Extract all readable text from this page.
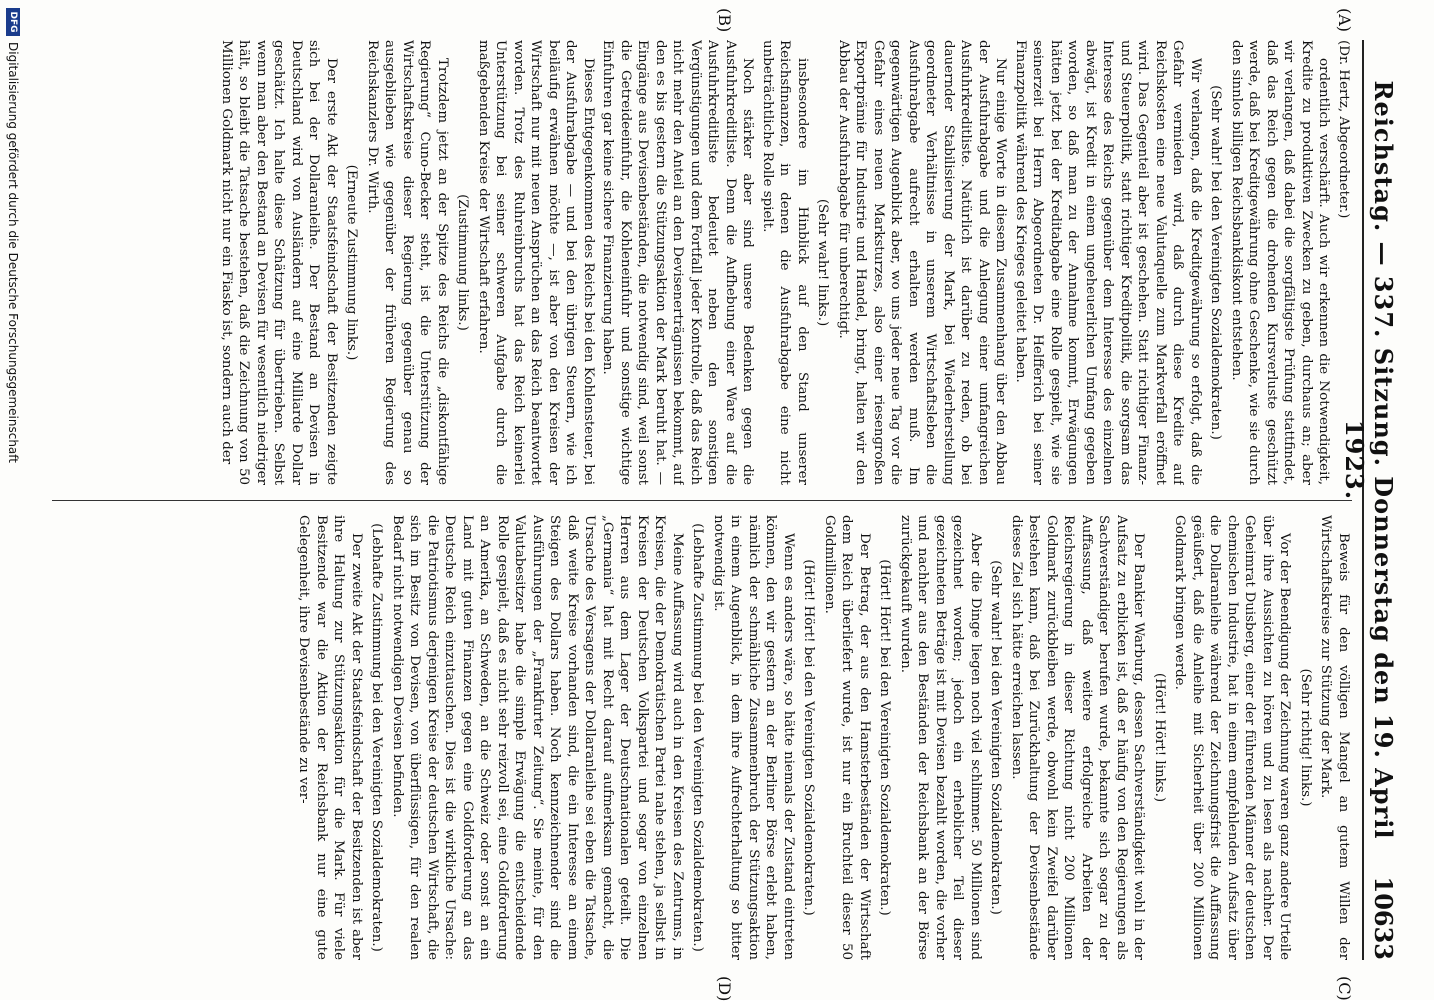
Reichstag. — 337. Sitzung. Donnerstag den 19. April 1923.
10633
(A)
(B)
(C)
(D)

(Dr. Hertz, Abgeordneter.)

ordentlich verschärft. Auch wir erkennen die Notwendigkeit, Kredite zu produktiven Zwecken zu geben, durchaus an; aber wir verlangen, daß dabei die sorgfältigste Prüfung stattfindet, daß das Reich gegen die drohenden Kursverluste geschützt werde, daß bei Kreditgewährung ohne Geschenke, wie sie durch den sinnlos billigen Reichsbankdiskont entstehen.

(Sehr wahr! bei den Vereinigten Sozialdemokraten.)

Wir verlangen, daß die Kreditgewährung so erfolgt, daß die Gefahr vermieden wird, daß durch diese Kredite auf Reichskosten eine neue Valutaquelle zum Markverfall eröffnet wird. Das Gegenteil aber ist geschehen. Statt richtiger Finanz- und Steuerpolitik, statt richtiger Kreditpolitik, die sorgsam das Interesse des Reichs gegenüber dem Interesse des einzelnen abwägt, ist Kredit in einem ungeheuerlichen Umfang gegeben worden, so daß man zu der Annahme kommt, Erwägungen hätten jetzt bei der Kreditabgabe eine Rolle gespielt, wie sie seinerzeit bei Herrn Abgeordneten Dr. Helfferich bei seiner Finanzpolitik während des Krieges geleitet haben.

Nur einige Worte in diesem Zusammenhang über den Abbau der Ausfuhrabgabe und die Anlegung einer umfangreichen Ausfuhrkreditliste. Natürlich ist darüber zu reden, ob bei dauernder Stabilisierung der Mark, bei Wiederherstellung geordneter Verhältnisse in unserem Wirtschaftsleben die Ausfuhrabgabe aufrecht erhalten werden muß. Im gegenwärtigen Augenblick aber, wo uns jeder neue Tag vor die Gefahr eines neuen Marksturzes, also einer riesengroßen Exportprämie für Industrie und Handel, bringt, halten wir den Abbau der Ausfuhrabgabe für unberechtigt.

(Sehr wahr! links.)

insbesondere im Hinblick auf den Stand unserer Reichsfinanzen, in denen die Ausfuhrabgabe eine nicht unbeträchtliche Rolle spielt.

Noch stärker aber sind unsere Bedenken gegen die Ausfuhrkreditliste. Denn die Aufhebung einer Ware auf die Ausfuhrkreditliste bedeutet neben den sonstigen Vergünstigungen und dem Fortfall jeder Kontrolle, daß das Reich nicht mehr den Anteil an den Devisenerträgnissen bekommt, auf den es bis gestern die Stützungsaktion der Mark beruht hat. — Eingänge aus Devisenbeständen, die notwendig sind, weil sonst die Getreideeinfuhr, die Kohleneinfuhr und sonstige wichtige Einfuhren gar keine sichere Finanzierung haben.

Dieses Entgegenkommen des Reichs bei den Kohlensteuer, bei der Ausfuhrabgabe — und bei den übrigen Steuern, wie ich beiläufig erwähnen möchte —, ist aber von den Kreisen der Wirtschaft nur mit neuen Ansprüchen an das Reich beantwortet worden. Trotz des Ruhreinbruchs hat das Reich keinerlei Unterstützung bei seiner schweren Aufgabe durch die maßgebenden Kreise der Wirtschaft erfahren.

(Zustimmung links.)

Trotzdem jetzt an der Spitze des Reichs die „diskontfähige Regierung“ Cuno-Becker steht, ist die Unterstützung der Wirtschaftskreise dieser Regierung gegenüber genau so ausgeblieben wie gegenüber der früheren Regierung des Reichskanzlers Dr. Wirth.

(Erneute Zustimmung links.)

Der erste Akt der Staatsfeindschaft der Besitzenden zeigte sich bei der Dollaranleihe. Der Bestand an Devisen in Deutschland wird von Ausländern auf eine Milliarde Dollar geschätzt. Ich halte diese Schätzung für übertrieben. Selbst wenn man aber den Bestand an Devisen für wesentlich niedriger hält, so bleibt die Tatsache bestehen, daß die Zeichnung von 50 Millionen Goldmark nicht nur ein Fiasko ist, sondern auch der

Beweis für den völligen Mangel an gutem Willen der Wirtschaftskreise zur Stützung der Mark.

(Sehr richtig! links.)

Vor der Beendigung der Zeichnung waren ganz andere Urteile über ihre Aussichten zu hören und zu lesen als nachher. Der Geheimrat Duisberg, einer der führenden Männer der deutschen chemischen Industrie, hat in einem empfehlenden Aufsatz über die Dollaranleihe während der Zeichnungsfrist die Auffassung geäußert, daß die Anleihe mit Sicherheit über 200 Millionen Goldmark bringen werde.

(Hört! Hört! links.)

Der Bankier Warburg, dessen Sachverständigkeit wohl in der Aufsatz zu erblicken ist, daß er häufig von den Regierungen als Sachverständiger berufen wurde, bekannte sich sogar zu der Auffassung, daß weitere erfolgreiche Arbeiten der Reichsregierung in dieser Richtung nicht 200 Millionen Goldmark zurückbleiben werde, obwohl kein Zweifel darüber bestehen kann, daß bei Zurückhaltung der Devisenbestände dieses Ziel sich hätte erreichen lassen.

(Sehr wahr! bei den Vereinigten Sozialdemokraten.)

Aber die Dinge liegen noch viel schlimmer. 50 Millionen sind gezeichnet worden; jedoch ein erheblicher Teil dieser gezeichneten Beträge ist mit Devisen bezahlt worden, die vorher und nachher aus den Beständen der Reichsbank an der Börse zurückgekauft wurden.

(Hört! Hört! bei den Vereinigten Sozialdemokraten.)

Der Betrag, der aus den Hamsterbeständen der Wirtschaft dem Reich überliefert wurde, ist nur ein Bruchteil dieser 50 Goldmillionen.

(Hört! Hört! bei den Vereinigten Sozialdemokraten.)

Wenn es anders wäre, so hätte niemals der Zustand eintreten können, den wir gestern an der Berliner Börse erlebt haben, nämlich der schmähliche Zusammenbruch der Stützungsaktion in einem Augenblick, in dem ihre Aufrechterhaltung so bitter notwendig ist.

(Lebhafte Zustimmung bei den Vereinigten Sozialdemokraten.)

Meine Auffassung wird auch in den Kreisen des Zentrums, in Kreisen, die der Demokratischen Partei nahe stehen, ja selbst in Kreisen der Deutschen Volkspartei und sogar von einzelnen Herren aus dem Lager der Deutschnationalen geteilt. Die „Germania“ hat mit Recht darauf aufmerksam gemacht, die Ursache des Versagens der Dollaranleihe sei eben die Tatsache, daß weite Kreise vorhanden sind, die ein Interesse an einem Steigen des Dollars haben. Noch kennzeichnender sind die Ausführungen der „Frankfurter Zeitung“. Sie meinte, für den Valutabesitzer habe die simple Erwägung die entscheidende Rolle gespielt, daß es nicht sehr reizvoll sei, eine Goldforderung an Amerika, an Schweden, an die Schweiz oder sonst an ein Land mit guten Finanzen gegen eine Goldforderung an das Deutsche Reich einzutauschen. Dies ist die wirkliche Ursache: die Patriotismus derjenigen Kreise der deutschen Wirtschaft, die sich im Besitz von Devisen, von überflüssigen, für den realen Bedarf nicht notwendigen Devisen befinden.

(Lebhafte Zustimmung bei den Vereinigten Sozialdemokraten.)

Der zweite Akt der Staatsfeindschaft der Besitzenden ist aber ihre Haltung zur Stützungsaktion für die Mark. Für viele Besitzende war die Aktion der Reichsbank nur eine gute Gelegenheit, ihre Devisenbestände zu ver-

DFG
Digitalisierung gefördert durch die Deutsche Forschungsgemeinschaft
